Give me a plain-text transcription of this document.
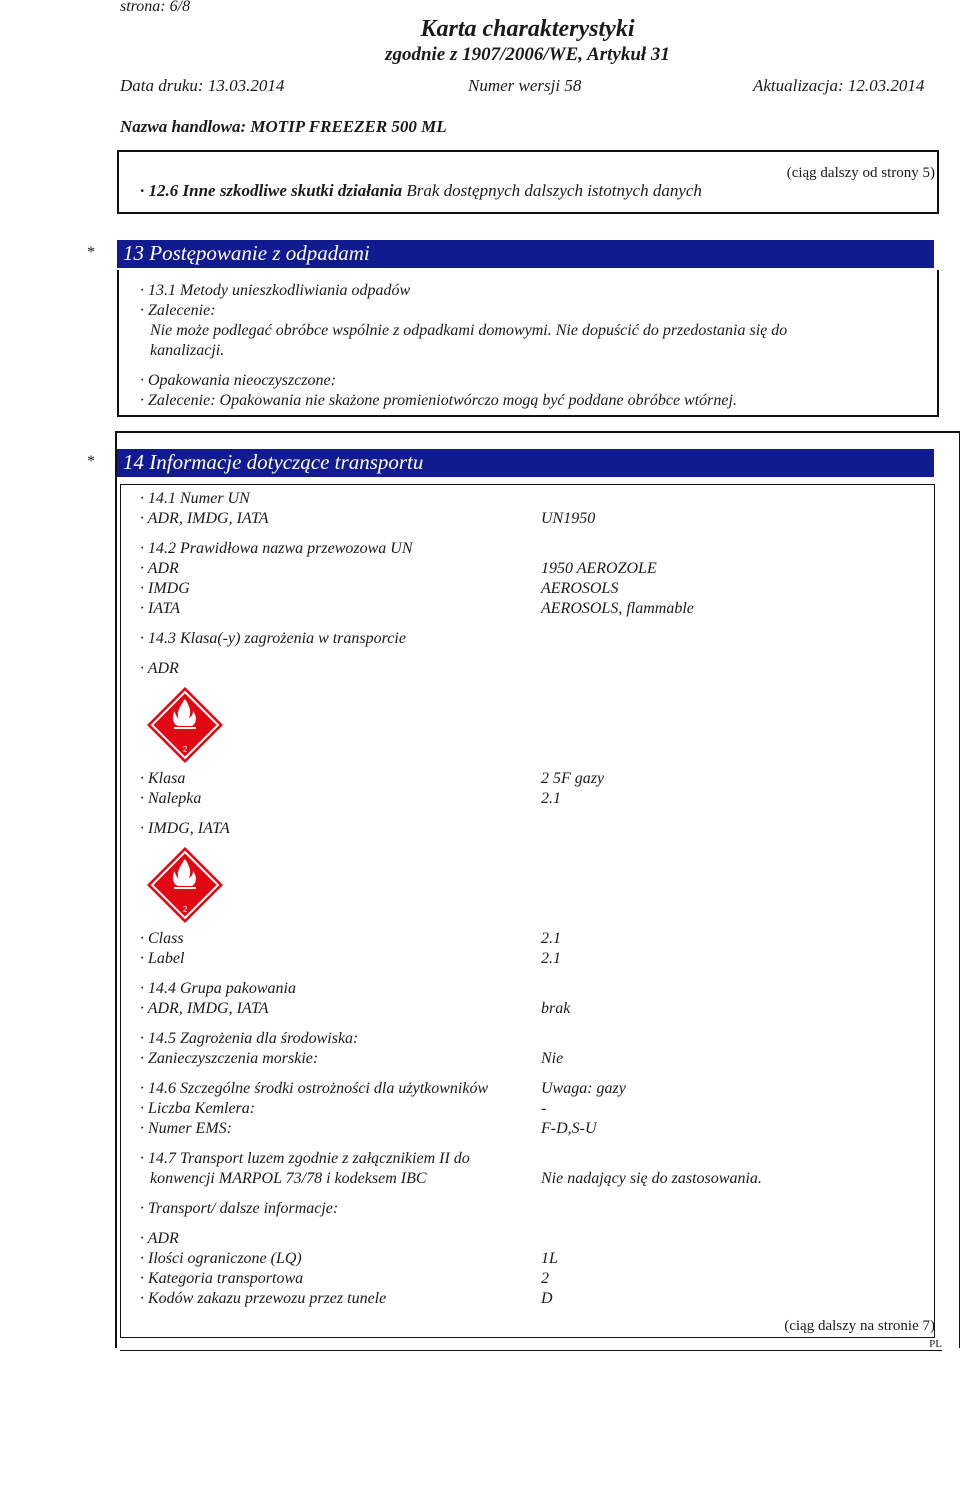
strona: 6/8
Karta charakterystyki
zgodnie z 1907/2006/WE, Artykuł 31
Data druku: 13.03.2014	Numer wersji 58	Aktualizacja: 12.03.2014
Nazwa handlowa: MOTIP FREEZER 500 ML
(ciąg dalszy od strony 5)
· 12.6 Inne szkodliwe skutki działania Brak dostępnych dalszych istotnych danych
* 13 Postępowanie z odpadami
· 13.1 Metody unieszkodliwiania odpadów
· Zalecenie:
Nie może podlegać obróbce wspólnie z odpadkami domowymi. Nie dopuścić do przedostania się do
kanalizacji.
· Opakowania nieoczyszczone:
· Zalecenie: Opakowania nie skażone promieniotwórczo mogą być poddane obróbce wtórnej.
* 14 Informacje dotyczące transportu
· 14.1 Numer UN
· ADR, IMDG, IATA	UN1950
· 14.2 Prawidłowa nazwa przewozowa UN
· ADR	1950 AEROZOLE
· IMDG	AEROSOLS
· IATA	AEROSOLS, flammable
· 14.3 Klasa(-y) zagrożenia w transporcie
· ADR
2
· Klasa	2 5F gazy
· Nalepka	2.1
· IMDG, IATA
2
· Class	2.1
· Label	2.1
· 14.4 Grupa pakowania
· ADR, IMDG, IATA	brak
· 14.5 Zagrożenia dla środowiska:
· Zanieczyszczenia morskie:	Nie
· 14.6 Szczególne środki ostrożności dla użytkowników	Uwaga: gazy
· Liczba Kemlera:	-
· Numer EMS:	F-D,S-U
· 14.7 Transport luzem zgodnie z załącznikiem II do
konwencji MARPOL 73/78 i kodeksem IBC	Nie nadający się do zastosowania.
· Transport/ dalsze informacje:
· ADR
· Ilości ograniczone (LQ)	1L
· Kategoria transportowa	2
· Kodów zakazu przewozu przez tunele	D
(ciąg dalszy na stronie 7)
PL
